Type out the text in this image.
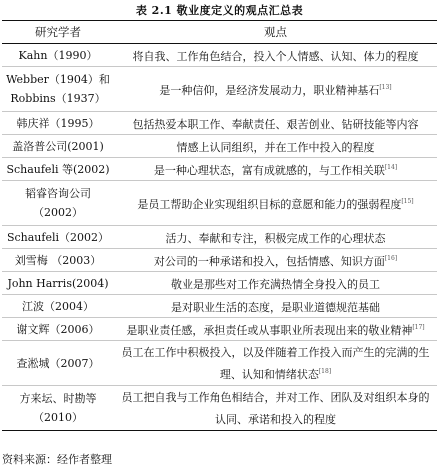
表 2.1 敬业度定义的观点汇总表
研究学者	观点
Kahn（1990）	将自我、工作角色结合，投入个人情感、认知、体力的程度
Webber（1904）和 Robbins（1937）	是一种信仰，是经济发展动力，职业精神基石[13]
韩庆祥（1995）	包括热爱本职工作、奉献责任、艰苦创业、钻研技能等内容
盖洛普公司(2001)	情感上认同组织，并在工作中投入的程度
Schaufeli 等(2002)	是一种心理状态，富有成就感的，与工作相关联[14]
韬睿咨询公司（2002）	是员工帮助企业实现组织目标的意愿和能力的强弱程度[15]
Schaufeli（2002）	活力、奉献和专注，积极完成工作的心理状态
刘雪梅 （2003）	对公司的一种承诺和投入，包括情感、知识方面[16]
John Harris(2004)	敬业是那些对工作充满热情全身投入的员工
江波（2004）	是对职业生活的态度，是职业道德规范基础
谢文辉（2006）	是职业责任感，承担责任或从事职业所表现出来的敬业精神[17]
查淞城（2007）	员工在工作中积极投入，以及伴随着工作投入而产生的完满的生理、认知和情绪状态[18]
方来坛、时勘等（2010）	员工把自我与工作角色相结合，并对工作、团队及对组织本身的认同、承诺和投入的程度
资料来源：经作者整理
